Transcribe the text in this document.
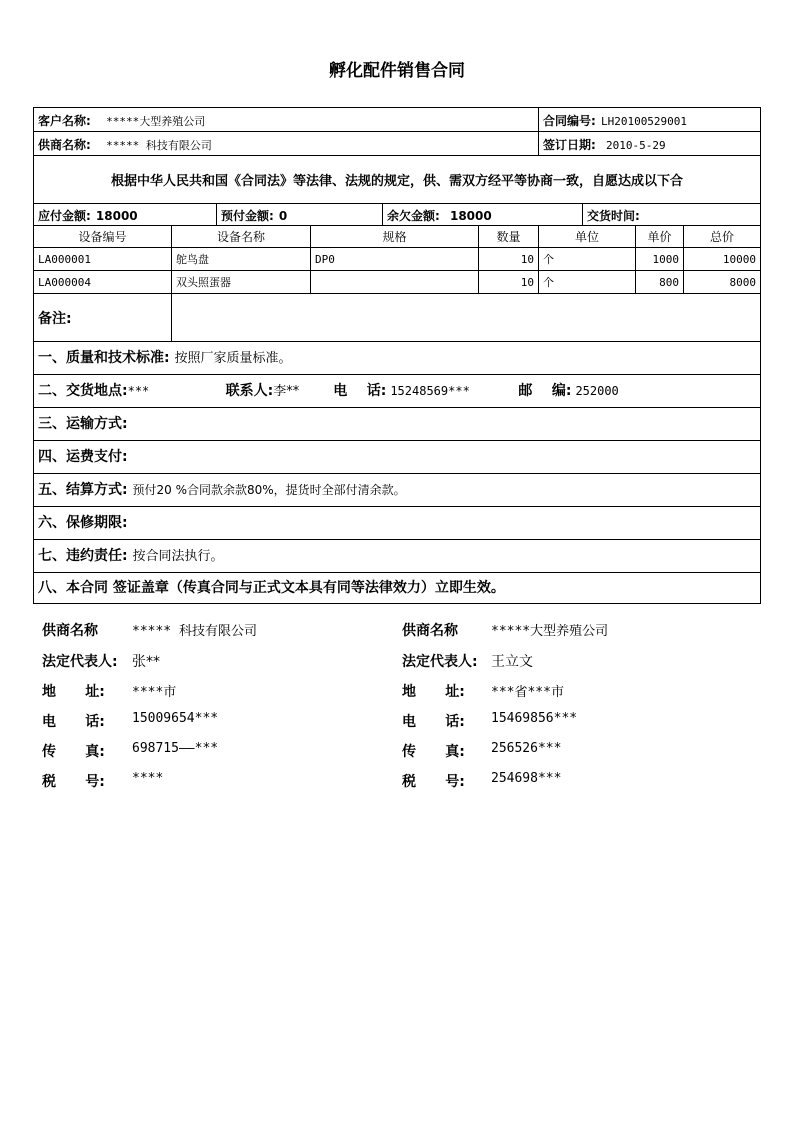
孵化配件销售合同
客户名称: *****大型养殖公司						合同编号: LH20100529001			
供商名称: ***** 科技有限公司						签订日期: 2010-5-29			
根据中华人民共和国《合同法》等法律、法规的规定，供、需双方经平等协商一致，自愿达成以下合									
应付金额: 18000		预付金额: 0		余欠金额: 18000			交货时间:		
设备编号	设备名称		规格		数量	单位		单价	总价
LA000001	鸵鸟盘		DP0		10	个		1000	10000
LA000004	双头照蛋器				10	个		800	8000
备注:									
一、质量和技术标准: 按照厂家质量标准。									
二、交货地点:*** 联系人:李** 电    话: 15248569*** 邮    编: 252000									
三、运输方式:									
四、运费支付:									
五、结算方式: 预付20 %合同款余款80%，提货时全部付清余款。									
六、保修期限:									
七、违约责任: 按合同法执行。									
八、本合同 签证盖章（传真合同与正式文本具有同等法律效力）立即生效。									
供商名称	***** 科技有限公司	供商名称	*****大型养殖公司
法定代表人: 张**	法定代表人: 王立文
地      址: ****市	地      址: ***省***市
电      话: 15009654***	电      话: 15469856***
传      真: 698715——***	传      真: 256526***
税      号: ****	税      号: 254698***
